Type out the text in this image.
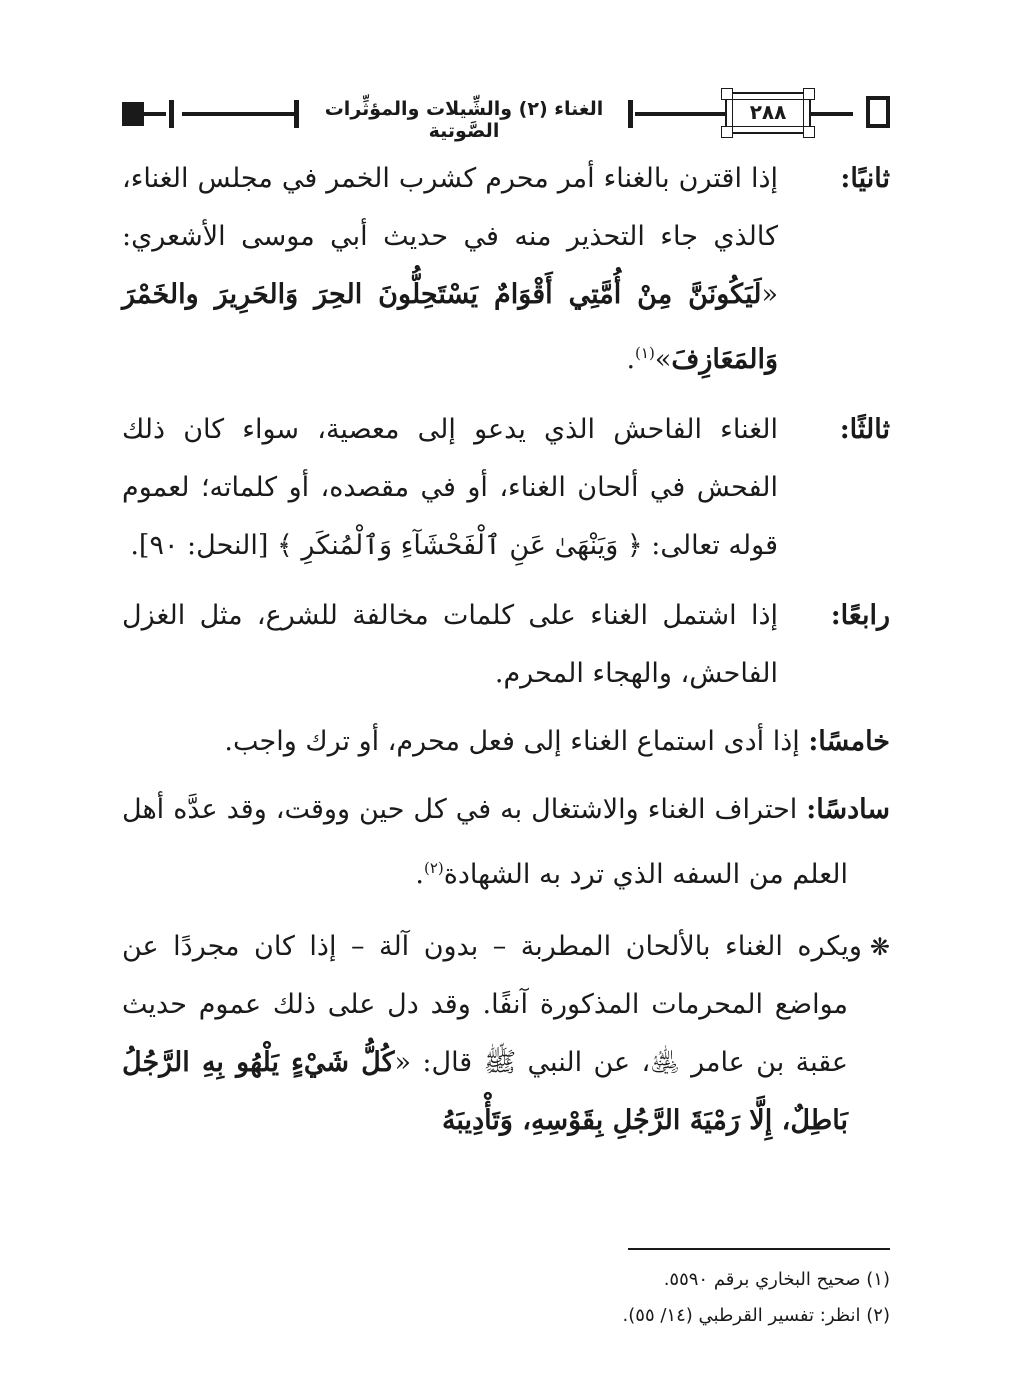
الغناء (٢) والشِّيلات والمؤثِّرات الصَّوتية
٢٨٨
ثانيًا:
إذا اقترن بالغناء أمر محرم كشرب الخمر في مجلس الغناء، كالذي جاء التحذير منه في حديث أبي موسى الأشعري: «لَيَكُونَنَّ مِنْ أُمَّتِي أَقْوَامٌ يَسْتَحِلُّونَ الحِرَ وَالحَرِيرَ والخَمْرَ وَالمَعَازِفَ»$^{(١)}$.
ثالثًا:
الغناء الفاحش الذي يدعو إلى معصية، سواء كان ذلك الفحش في ألحان الغناء، أو في مقصده، أو كلماته؛ لعموم قوله تعالى: ﴿ وَيَنْهَىٰ عَنِ ٱلْفَحْشَآءِ وَٱلْمُنكَرِ ﴾ [النحل: ٩٠].
رابعًا:
إذا اشتمل الغناء على كلمات مخالفة للشرع، مثل الغزل الفاحش، والهجاء المحرم.
خامسًا: إذا أدى استماع الغناء إلى فعل محرم، أو ترك واجب.
سادسًا: احتراف الغناء والاشتغال به في كل حين ووقت، وقد عدَّه أهل العلم من السفه الذي ترد به الشهادة$^{(٢)}$.
❋ويكره الغناء بالألحان المطربة – بدون آلة – إذا كان مجردًا عن مواضع المحرمات المذكورة آنفًا. وقد دل على ذلك عموم حديث عقبة بن عامر ﵁، عن النبي ﷺ قال: «كُلُّ شَيْءٍ يَلْهُو بِهِ الرَّجُلُ بَاطِلٌ، إِلَّا رَمْيَةَ الرَّجُلِ بِقَوْسِهِ، وَتَأْدِيبَهُ
(١) صحيح البخاري برقم ٥٥٩٠.
(٢) انظر: تفسير القرطبي (١٤/ ٥٥).
